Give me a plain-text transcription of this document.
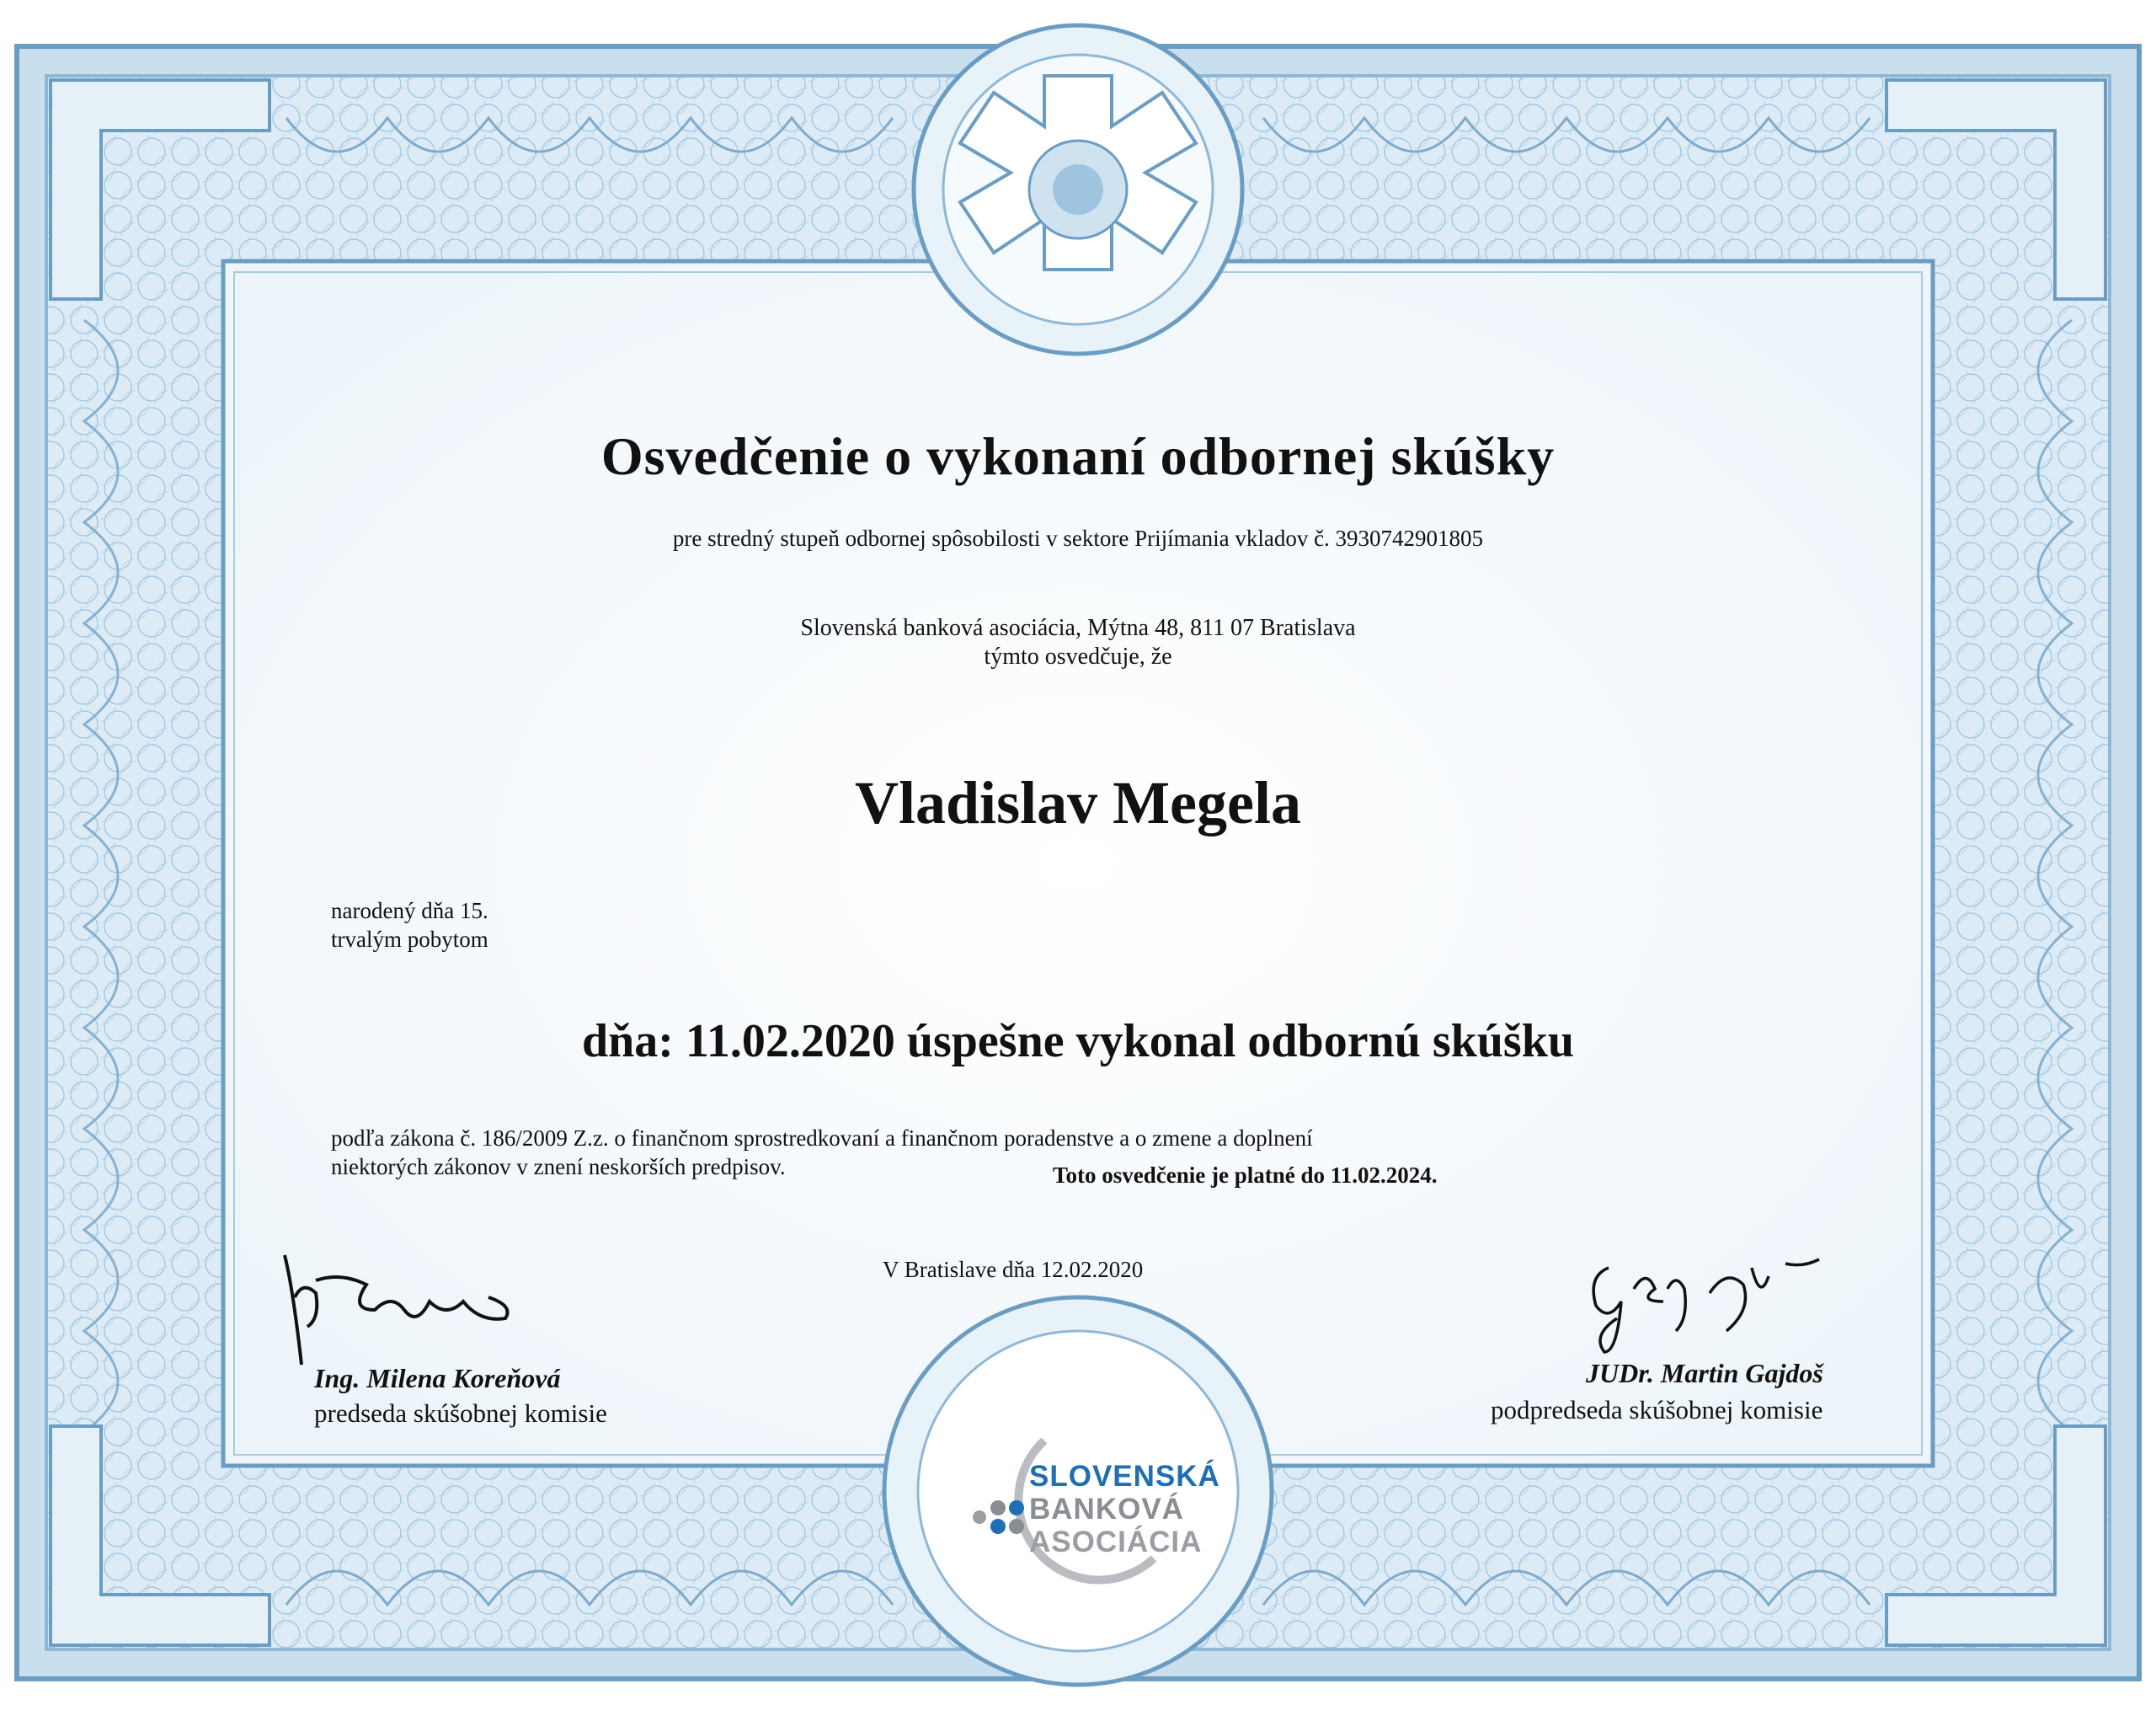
Osvedčenie o vykonaní odbornej skúšky
pre stredný stupeň odbornej spôsobilosti v sektore Prijímania vkladov č. 3930742901805
Slovenská banková asociácia, Mýtna 48, 811 07 Bratislava
týmto osvedčuje, že
Vladislav Megela
narodený dňa 15.
trvalým pobytom
dňa: 11.02.2020 úspešne vykonal odbornú skúšku
podľa zákona č. 186/2009 Z.z. o finančnom sprostredkovaní a finančnom poradenstve a o zmene a doplnení
niektorých zákonov v znení neskorších predpisov.	Toto osvedčenie je platné do 11.02.2024.
V Bratislave dňa 12.02.2020
Ing. Milena Koreňová
predseda skúšobnej komisie
JUDr. Martin Gajdoš
podpredseda skúšobnej komisie
SLOVENSKÁ
BANKOVÁ
ASOCIÁCIA
